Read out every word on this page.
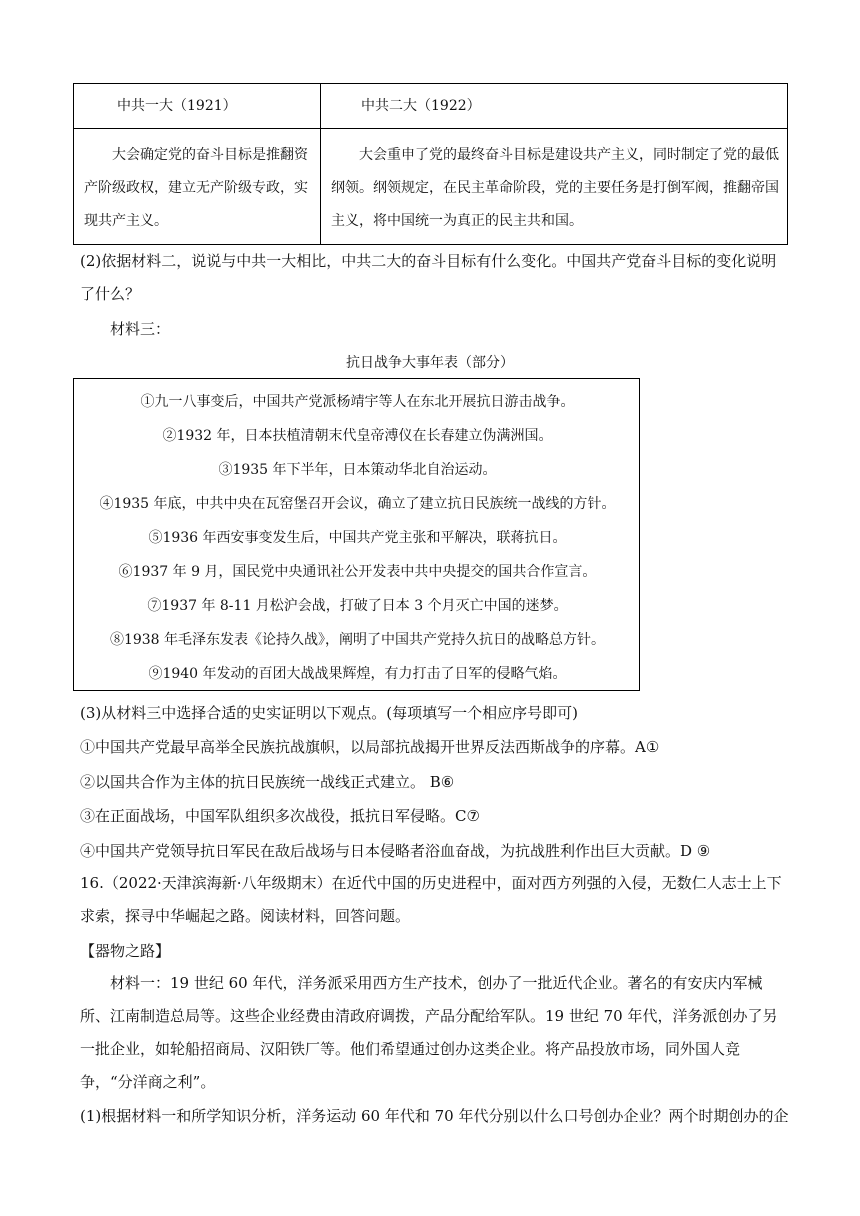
中共一大（1921）	中共二大（1922）

大会确定党的奋斗目标是推翻资产阶级政权，建立无产阶级专政，实现共产主义。	大会重申了党的最终奋斗目标是建设共产主义，同时制定了党的最低纲领。纲领规定，在民主革命阶段，党的主要任务是打倒军阀，推翻帝国主义，将中国统一为真正的民主共和国。
(2)依据材料二，说说与中共一大相比，中共二大的奋斗目标有什么变化。中国共产党奋斗目标的变化说明了什么？
材料三：
抗日战争大事年表（部分）
①九一八事变后，中国共产党派杨靖宇等人在东北开展抗日游击战争。
②1932 年，日本扶植清朝末代皇帝溥仪在长春建立伪满洲国。
③1935 年下半年，日本策动华北自治运动。
④1935 年底，中共中央在瓦窑堡召开会议，确立了建立抗日民族统一战线的方针。
⑤1936 年西安事变发生后，中国共产党主张和平解决，联蒋抗日。
⑥1937 年 9 月，国民党中央通讯社公开发表中共中央提交的国共合作宣言。
⑦1937 年 8-11 月松沪会战，打破了日本 3 个月灭亡中国的迷梦。
⑧1938 年毛泽东发表《论持久战》，阐明了中国共产党持久抗日的战略总方针。
⑨1940 年发动的百团大战战果辉煌，有力打击了日军的侵略气焰。
(3)从材料三中选择合适的史实证明以下观点。(每项填写一个相应序号即可)
①中国共产党最早高举全民族抗战旗帜，以局部抗战揭开世界反法西斯战争的序幕。A①
②以国共合作为主体的抗日民族统一战线正式建立。 B⑥
③在正面战场，中国军队组织多次战役，抵抗日军侵略。C⑦
④中国共产党领导抗日军民在敌后战场与日本侵略者浴血奋战，为抗战胜利作出巨大贡献。D ⑨
16.（2022·天津滨海新·八年级期末）在近代中国的历史进程中，面对西方列强的入侵，无数仁人志士上下求索，探寻中华崛起之路。阅读材料，回答问题。
【器物之路】
材料一：19 世纪 60 年代，洋务派采用西方生产技术，创办了一批近代企业。著名的有安庆内军械所、江南制造总局等。这些企业经费由清政府调拨，产品分配给军队。19 世纪 70 年代，洋务派创办了另一批企业，如轮船招商局、汉阳铁厂等。他们希望通过创办这类企业。将产品投放市场，同外国人竞争，“分洋商之利”。
(1)根据材料一和所学知识分析，洋务运动 60 年代和 70 年代分别以什么口号创办企业？两个时期创办的企
